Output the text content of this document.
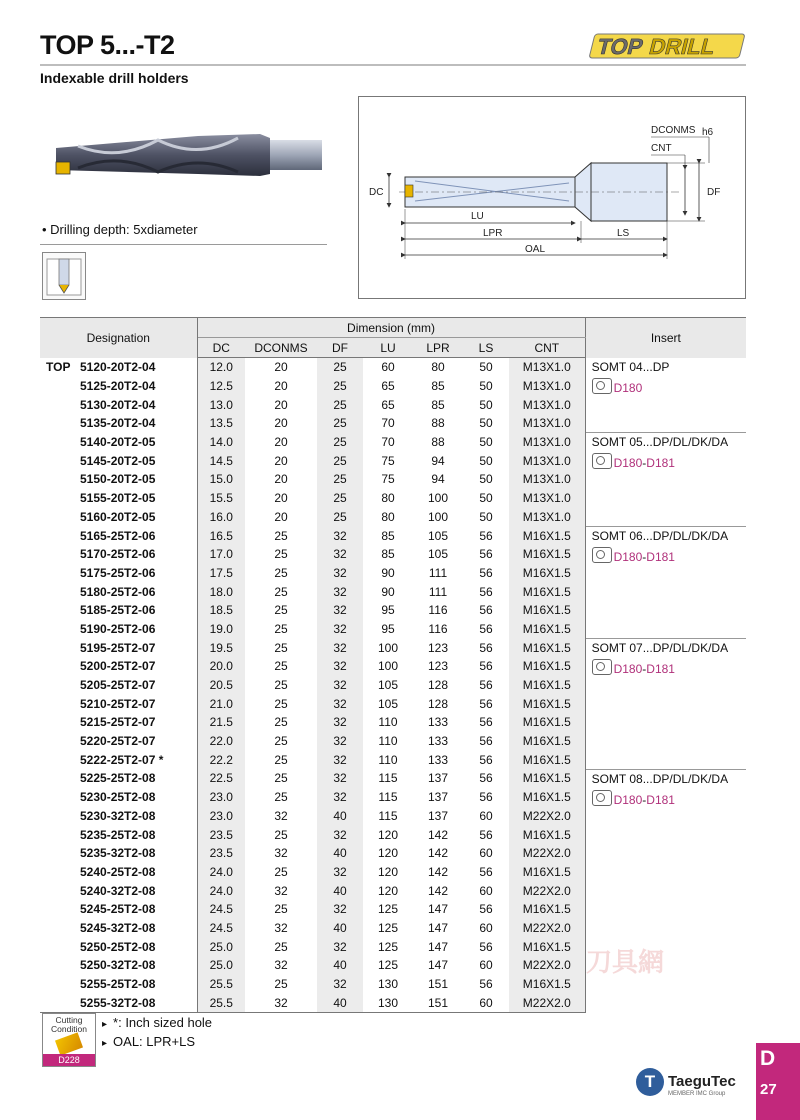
TOP 5...-T2
Indexable drill holders
TOP DRILL
• Drilling depth: 5xdiameter
DC	DF
DCONMS h6
CNT
LU
LPR	LS
OAL
Designation	Dimension (mm)							Insert
	DC	DCONMS	DF	LU	LPR	LS	CNT	
TOP 5120-20T2-04	12.0	20	25	60	80	50	M13X1.0	SOMT 04...DP
D180

5125-20T2-04	12.5	20	25	65	85	50	M13X1.0	
5130-20T2-04	13.0	20	25	65	85	50	M13X1.0	
5135-20T2-04	13.5	20	25	70	88	50	M13X1.0	
5140-20T2-05	14.0	20	25	70	88	50	M13X1.0	SOMT 05...DP/DL/DK/DA
D180-D181

5145-20T2-05	14.5	20	25	75	94	50	M13X1.0	
5150-20T2-05	15.0	20	25	75	94	50	M13X1.0	
5155-20T2-05	15.5	20	25	80	100	50	M13X1.0	
5160-20T2-05	16.0	20	25	80	100	50	M13X1.0	
5165-25T2-06	16.5	25	32	85	105	56	M16X1.5	SOMT 06...DP/DL/DK/DA
D180-D181

5170-25T2-06	17.0	25	32	85	105	56	M16X1.5	
5175-25T2-06	17.5	25	32	90	111	56	M16X1.5	
5180-25T2-06	18.0	25	32	90	111	56	M16X1.5	
5185-25T2-06	18.5	25	32	95	116	56	M16X1.5	
5190-25T2-06	19.0	25	32	95	116	56	M16X1.5	
5195-25T2-07	19.5	25	32	100	123	56	M16X1.5	SOMT 07...DP/DL/DK/DA
D180-D181

5200-25T2-07	20.0	25	32	100	123	56	M16X1.5	
5205-25T2-07	20.5	25	32	105	128	56	M16X1.5	
5210-25T2-07	21.0	25	32	105	128	56	M16X1.5	
5215-25T2-07	21.5	25	32	110	133	56	M16X1.5	
5220-25T2-07	22.0	25	32	110	133	56	M16X1.5	
5222-25T2-07 *	22.2	25	32	110	133	56	M16X1.5	
5225-25T2-08	22.5	25	32	115	137	56	M16X1.5	SOMT 08...DP/DL/DK/DA
D180-D181

5230-25T2-08	23.0	25	32	115	137	56	M16X1.5	
5230-32T2-08	23.0	32	40	115	137	60	M22X2.0	
5235-25T2-08	23.5	25	32	120	142	56	M16X1.5	
5235-32T2-08	23.5	32	40	120	142	60	M22X2.0	
5240-25T2-08	24.0	25	32	120	142	56	M16X1.5	
5240-32T2-08	24.0	32	40	120	142	60	M22X2.0	
5245-25T2-08	24.5	25	32	125	147	56	M16X1.5	
5245-32T2-08	24.5	32	40	125	147	60	M22X2.0	
5250-25T2-08	25.0	25	32	125	147	56	M16X1.5	
5250-32T2-08	25.0	32	40	125	147	60	M22X2.0	
5255-25T2-08	25.5	25	32	130	151	56	M16X1.5	
5255-32T2-08	25.5	32	40	130	151	60	M22X2.0	
Cutting Condition
D228
▸ *: Inch sized hole
▸ OAL: LPR+LS
刀具網
T
TaeguTec
MEMBER IMC Group
D
27
